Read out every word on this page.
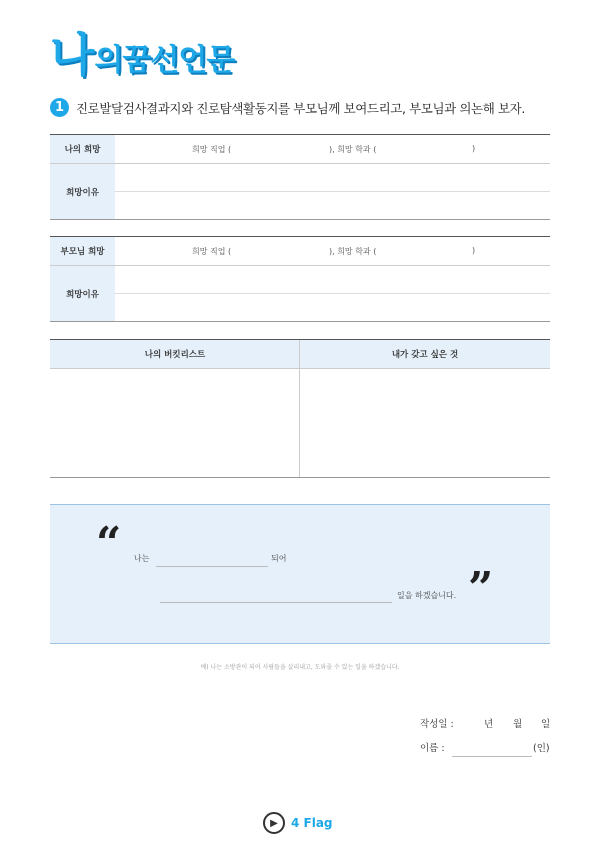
나 의꿈선언문
1 진로발달검사결과지와 진로탐색활동지를 부모님께 보여드리고, 부모님과 의논해 보자.
나의 희망	희망 직업 (	), 희망 학과 (	)
희망이유
부모님 희망	희망 직업 (	), 희망 학과 (	)
희망이유
나의 버킷리스트	내가 갖고 싶은 것
“
”
나는	되어
일을 하겠습니다.
예) 나는 소방관이 되어 사람들을 살리내고, 도와줄 수 있는 일을 하겠습니다.
작성일 :	년 월 일
이름 :	(인)
▶	4 Flag
